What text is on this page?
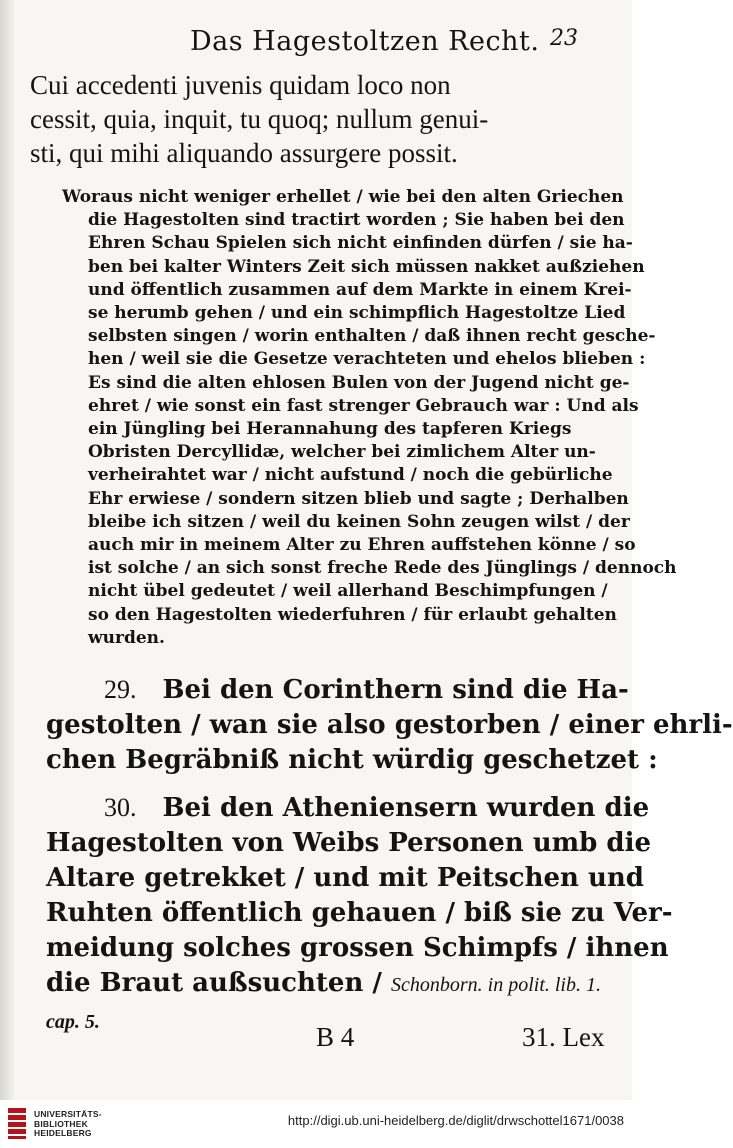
Das Hagestoltzen Recht. 23
Cui accedenti juvenis quidam loco non
cessit, quia, inquit, tu quoq; nullum genui-
sti, qui mihi aliquando assurgere possit.
Woraus nicht weniger erhellet / wie bei den alten Griechen
die Hagestolten sind tractirt worden ; Sie haben bei den
Ehren Schau Spielen sich nicht einfinden dürfen / sie ha-
ben bei kalter Winters Zeit sich müssen nakket außziehen
und öffentlich zusammen auf dem Markte in einem Krei-
se herumb gehen / und ein schimpflich Hagestoltze Lied
selbsten singen / worin enthalten / daß ihnen recht gesche-
hen / weil sie die Gesetze verachteten und ehelos blieben :
Es sind die alten ehlosen Bulen von der Jugend nicht ge-
ehret / wie sonst ein fast strenger Gebrauch war : Und als
ein Jüngling bei Herannahung des tapferen Kriegs
Obristen Dercyllidæ, welcher bei zimlichem Alter un-
verheirahtet war / nicht aufstund / noch die gebürliche
Ehr erwiese / sondern sitzen blieb und sagte ; Derhalben
bleibe ich sitzen / weil du keinen Sohn zeugen wilst / der
auch mir in meinem Alter zu Ehren auffstehen könne / so
ist solche / an sich sonst freche Rede des Jünglings / dennoch
nicht übel gedeutet / weil allerhand Beschimpfungen /
so den Hagestolten wiederfuhren / für erlaubt gehalten
wurden.
29. Bei den Corinthern sind die Ha-
gestolten / wan sie also gestorben / einer ehrli-
chen Begräbniß nicht würdig geschetzet :
30. Bei den Atheniensern wurden die
Hagestolten von Weibs Personen umb die
Altare getrekket / und mit Peitschen und
Ruhten öffentlich gehauen / biß sie zu Ver-
meidung solches grossen Schimpfs / ihnen
die Braut außsuchten / Schonborn. in polit. lib. 1.
cap. 5.	B 4	31. Lex
UNIVERSITÄTS-
BIBLIOTHEK
HEIDELBERG
http://digi.ub.uni-heidelberg.de/diglit/drwschottel1671/0038
